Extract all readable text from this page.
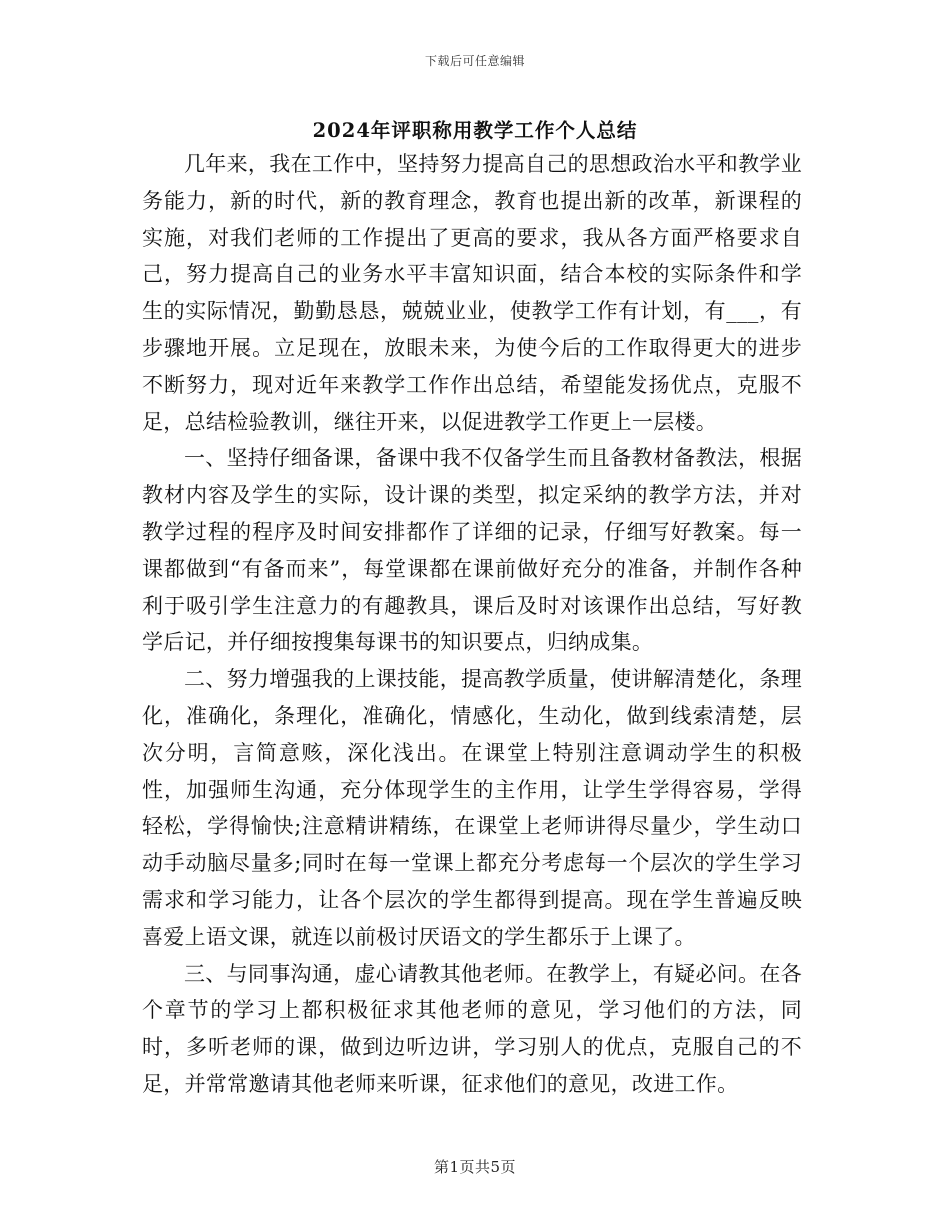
下载后可任意编辑
2024年评职称用教学工作个人总结

几年来，我在工作中，坚持努力提高自己的思想政治水平和教学业务能力，新的时代，新的教育理念，教育也提出新的改革，新课程的实施，对我们老师的工作提出了更高的要求，我从各方面严格要求自己，努力提高自己的业务水平丰富知识面，结合本校的实际条件和学生的实际情况，勤勤恳恳，兢兢业业，使教学工作有计划，有___，有步骤地开展。立足现在，放眼未来，为使今后的工作取得更大的进步不断努力，现对近年来教学工作作出总结，希望能发扬优点，克服不足，总结检验教训，继往开来，以促进教学工作更上一层楼。

一、坚持仔细备课，备课中我不仅备学生而且备教材备教法，根据教材内容及学生的实际，设计课的类型，拟定采纳的教学方法，并对教学过程的程序及时间安排都作了详细的记录，仔细写好教案。每一课都做到“有备而来”，每堂课都在课前做好充分的准备，并制作各种利于吸引学生注意力的有趣教具，课后及时对该课作出总结，写好教学后记，并仔细按搜集每课书的知识要点，归纳成集。

二、努力增强我的上课技能，提高教学质量，使讲解清楚化，条理化，准确化，条理化，准确化，情感化，生动化，做到线索清楚，层次分明，言简意赅，深化浅出。在课堂上特别注意调动学生的积极性，加强师生沟通，充分体现学生的主作用，让学生学得容易，学得轻松，学得愉快;注意精讲精练，在课堂上老师讲得尽量少，学生动口动手动脑尽量多;同时在每一堂课上都充分考虑每一个层次的学生学习需求和学习能力，让各个层次的学生都得到提高。现在学生普遍反映喜爱上语文课，就连以前极讨厌语文的学生都乐于上课了。

三、与同事沟通，虚心请教其他老师。在教学上，有疑必问。在各个章节的学习上都积极征求其他老师的意见，学习他们的方法，同时，多听老师的课，做到边听边讲，学习别人的优点，克服自己的不足，并常常邀请其他老师来听课，征求他们的意见，改进工作。

第1页共5页
